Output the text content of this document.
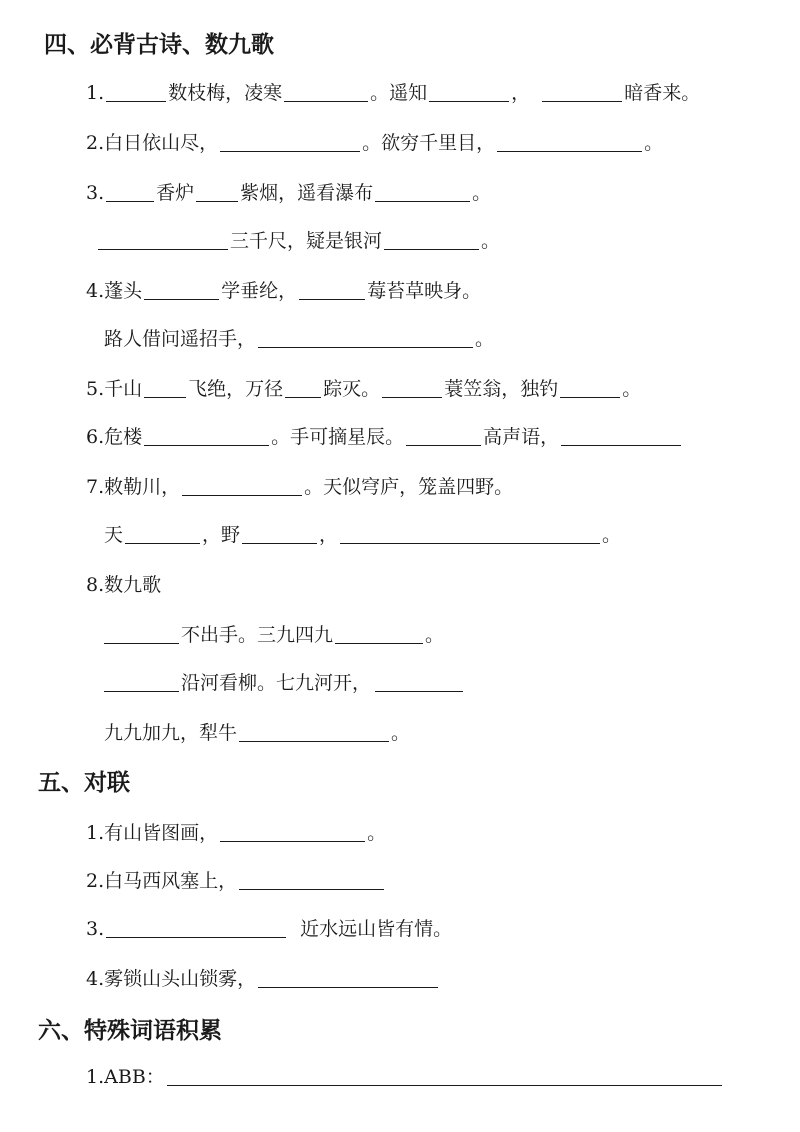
四、必背古诗、数九歌
1.	数枝梅，凌寒	。遥知	，	暗香来。
2. 白日依山尽，	。欲穷千里目，	。
3.	香炉 紫烟，遥看瀑布	。
三千尺，疑是银河	。
4. 蓬头	学垂纶，	莓苔草映身。
路人借问遥招手，	。
5. 千山 飞绝，万径 踪灭。	蓑笠翁，独钓	。
6. 危楼	。手可摘星辰。	高声语，
7. 敕勒川，	。天似穹庐，笼盖四野。
天	，野	，	。
8. 数九歌
不出手。三九四九	。
沿河看柳。七九河开，
九九加九，犁牛	。
五、对联
1. 有山皆图画，	。
2. 白马西风塞上，
3.	近水远山皆有情。
4. 雾锁山头山锁雾，
六、特殊词语积累
1. ABB：
